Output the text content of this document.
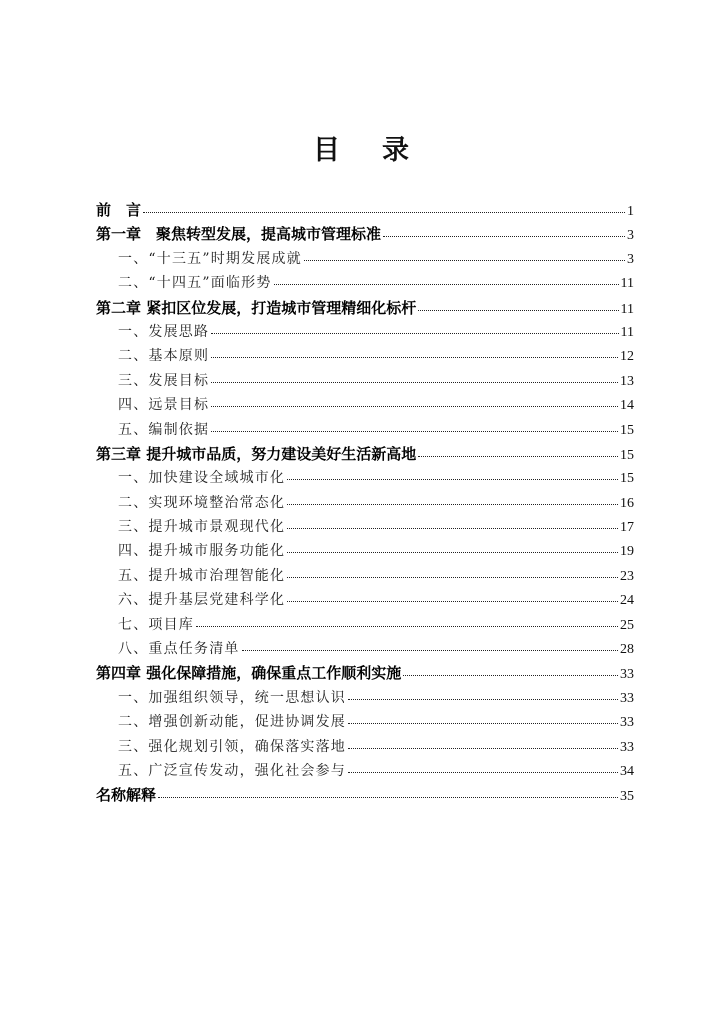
目 录
前　言	1
第一章　聚焦转型发展，提高城市管理标准	3
一、“十三五”时期发展成就	3
二、“十四五”面临形势	11
第二章 紧扣区位发展，打造城市管理精细化标杆	11
一、发展思路	11
二、基本原则	12
三、发展目标	13
四、远景目标	14
五、编制依据	15
第三章 提升城市品质，努力建设美好生活新高地	15
一、加快建设全域城市化	15
二、实现环境整治常态化	16
三、提升城市景观现代化	17
四、提升城市服务功能化	19
五、提升城市治理智能化	23
六、提升基层党建科学化	24
七、项目库	25
八、重点任务清单	28
第四章 强化保障措施，确保重点工作顺利实施	33
一、加强组织领导，统一思想认识	33
二、增强创新动能，促进协调发展	33
三、强化规划引领，确保落实落地	33
五、广泛宣传发动，强化社会参与	34
名称解释	35
